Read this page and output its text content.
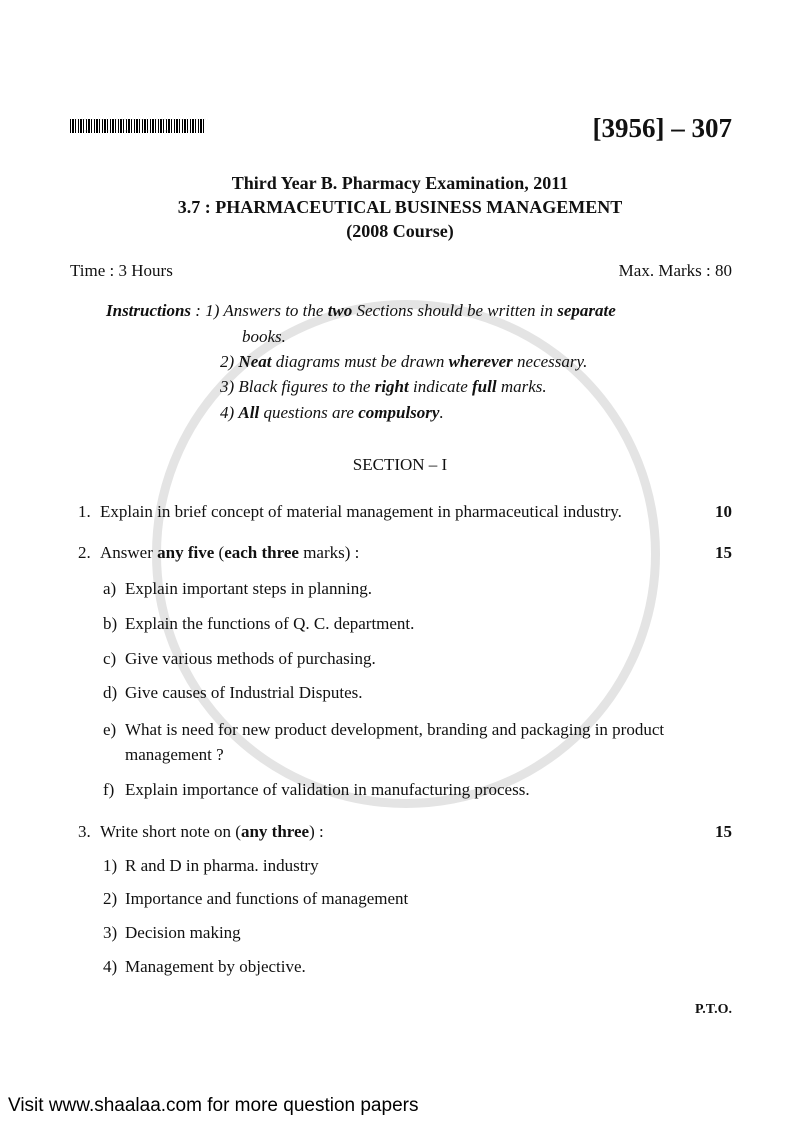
[3956] – 307
Third Year B. Pharmacy Examination, 2011
3.7 : PHARMACEUTICAL BUSINESS MANAGEMENT
(2008 Course)
Time : 3 Hours	Max. Marks : 80
Instructions : 1) Answers to the two Sections should be written in separate
books.
2) Neat diagrams must be drawn wherever necessary.
3) Black figures to the right indicate full marks.
4) All questions are compulsory.
SECTION – I
1. Explain in brief concept of material management in pharmaceutical industry.	10
2. Answer any five (each three marks) :	15
a) Explain important steps in planning.
b) Explain the functions of Q. C. department.
c) Give various methods of purchasing.
d) Give causes of Industrial Disputes.
e) What is need for new product development, branding and packaging in product
management ?
f) Explain importance of validation in manufacturing process.
3. Write short note on (any three) :	15
1) R and D in pharma. industry
2) Importance and functions of management
3) Decision making
4) Management by objective.
P.T.O.
Visit www.shaalaa.com for more question papers
